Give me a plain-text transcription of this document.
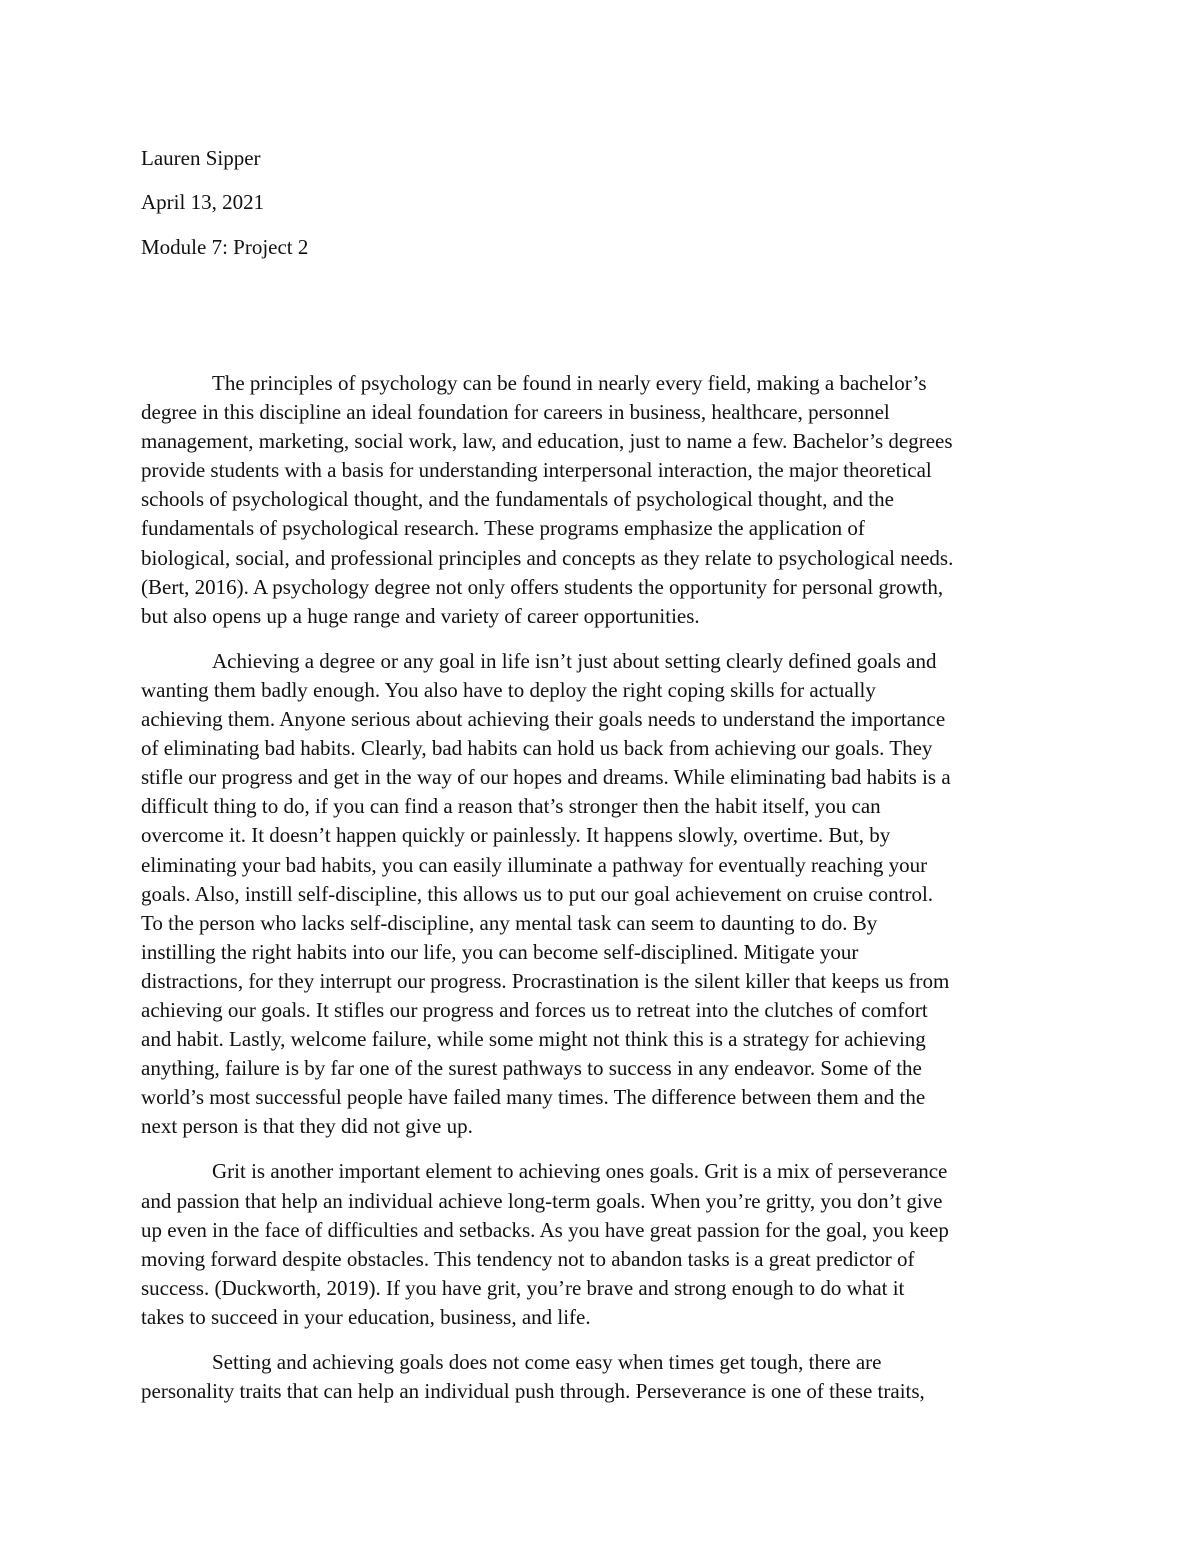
Lauren Sipper
April 13, 2021
Module 7: Project 2
The principles of psychology can be found in nearly every field, making a bachelor’s
degree in this discipline an ideal foundation for careers in business, healthcare, personnel
management, marketing, social work, law, and education, just to name a few. Bachelor’s degrees
provide students with a basis for understanding interpersonal interaction, the major theoretical
schools of psychological thought, and the fundamentals of psychological thought, and the
fundamentals of psychological research. These programs emphasize the application of
biological, social, and professional principles and concepts as they relate to psychological needs.
(Bert, 2016). A psychology degree not only offers students the opportunity for personal growth,
but also opens up a huge range and variety of career opportunities.
Achieving a degree or any goal in life isn’t just about setting clearly defined goals and
wanting them badly enough. You also have to deploy the right coping skills for actually
achieving them. Anyone serious about achieving their goals needs to understand the importance
of eliminating bad habits. Clearly, bad habits can hold us back from achieving our goals. They
stifle our progress and get in the way of our hopes and dreams. While eliminating bad habits is a
difficult thing to do, if you can find a reason that’s stronger then the habit itself, you can
overcome it. It doesn’t happen quickly or painlessly. It happens slowly, overtime. But, by
eliminating your bad habits, you can easily illuminate a pathway for eventually reaching your
goals. Also, instill self-discipline, this allows us to put our goal achievement on cruise control.
To the person who lacks self-discipline, any mental task can seem to daunting to do. By
instilling the right habits into our life, you can become self-disciplined. Mitigate your
distractions, for they interrupt our progress. Procrastination is the silent killer that keeps us from
achieving our goals. It stifles our progress and forces us to retreat into the clutches of comfort
and habit. Lastly, welcome failure, while some might not think this is a strategy for achieving
anything, failure is by far one of the surest pathways to success in any endeavor. Some of the
world’s most successful people have failed many times. The difference between them and the
next person is that they did not give up.
Grit is another important element to achieving ones goals. Grit is a mix of perseverance
and passion that help an individual achieve long-term goals. When you’re gritty, you don’t give
up even in the face of difficulties and setbacks. As you have great passion for the goal, you keep
moving forward despite obstacles. This tendency not to abandon tasks is a great predictor of
success. (Duckworth, 2019). If you have grit, you’re brave and strong enough to do what it
takes to succeed in your education, business, and life.
Setting and achieving goals does not come easy when times get tough, there are
personality traits that can help an individual push through. Perseverance is one of these traits,
